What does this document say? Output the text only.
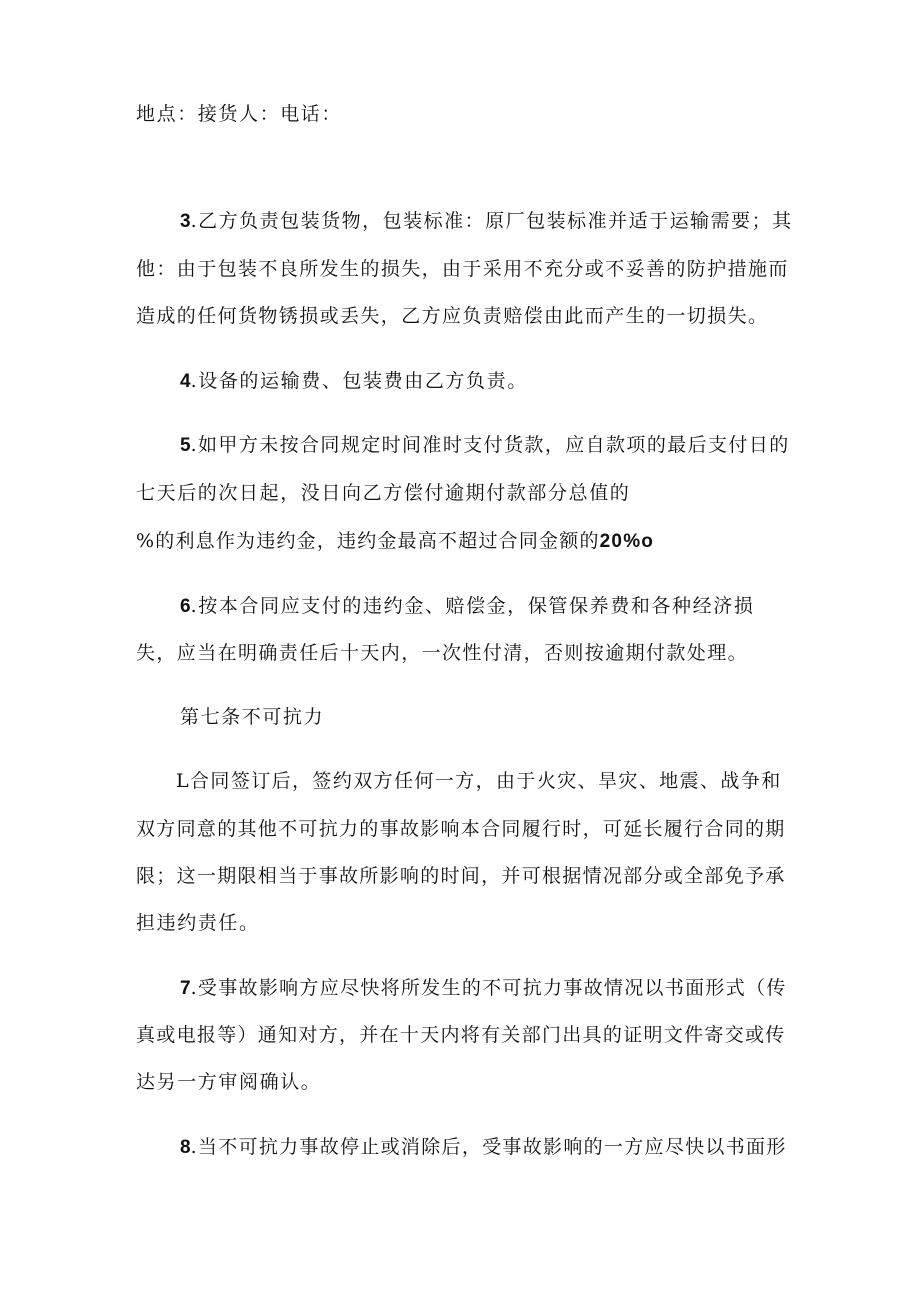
地点：接货人：电话：
3.乙方负责包装货物，包装标准：原厂包装标准并适于运输需要；其
他：由于包装不良所发生的损失，由于采用不充分或不妥善的防护措施而
造成的任何货物锈损或丢失，乙方应负责赔偿由此而产生的一切损失。
4.设备的运输费、包装费由乙方负责。
5.如甲方未按合同规定时间准时支付货款，应自款项的最后支付日的
七天后的次日起，没日向乙方偿付逾期付款部分总值的
%的利息作为违约金，违约金最高不超过合同金额的20%o
6.按本合同应支付的违约金、赔偿金，保管保养费和各种经济损
失，应当在明确责任后十天内，一次性付清，否则按逾期付款处理。
第七条不可抗力
L合同签订后，签约双方任何一方，由于火灾、旱灾、地震、战争和
双方同意的其他不可抗力的事故影响本合同履行时，可延长履行合同的期
限；这一期限相当于事故所影响的时间，并可根据情况部分或全部免予承
担违约责任。
7.受事故影响方应尽快将所发生的不可抗力事故情况以书面形式（传
真或电报等）通知对方，并在十天内将有关部门出具的证明文件寄交或传
达另一方审阅确认。
8.当不可抗力事故停止或消除后，受事故影响的一方应尽快以书面形
